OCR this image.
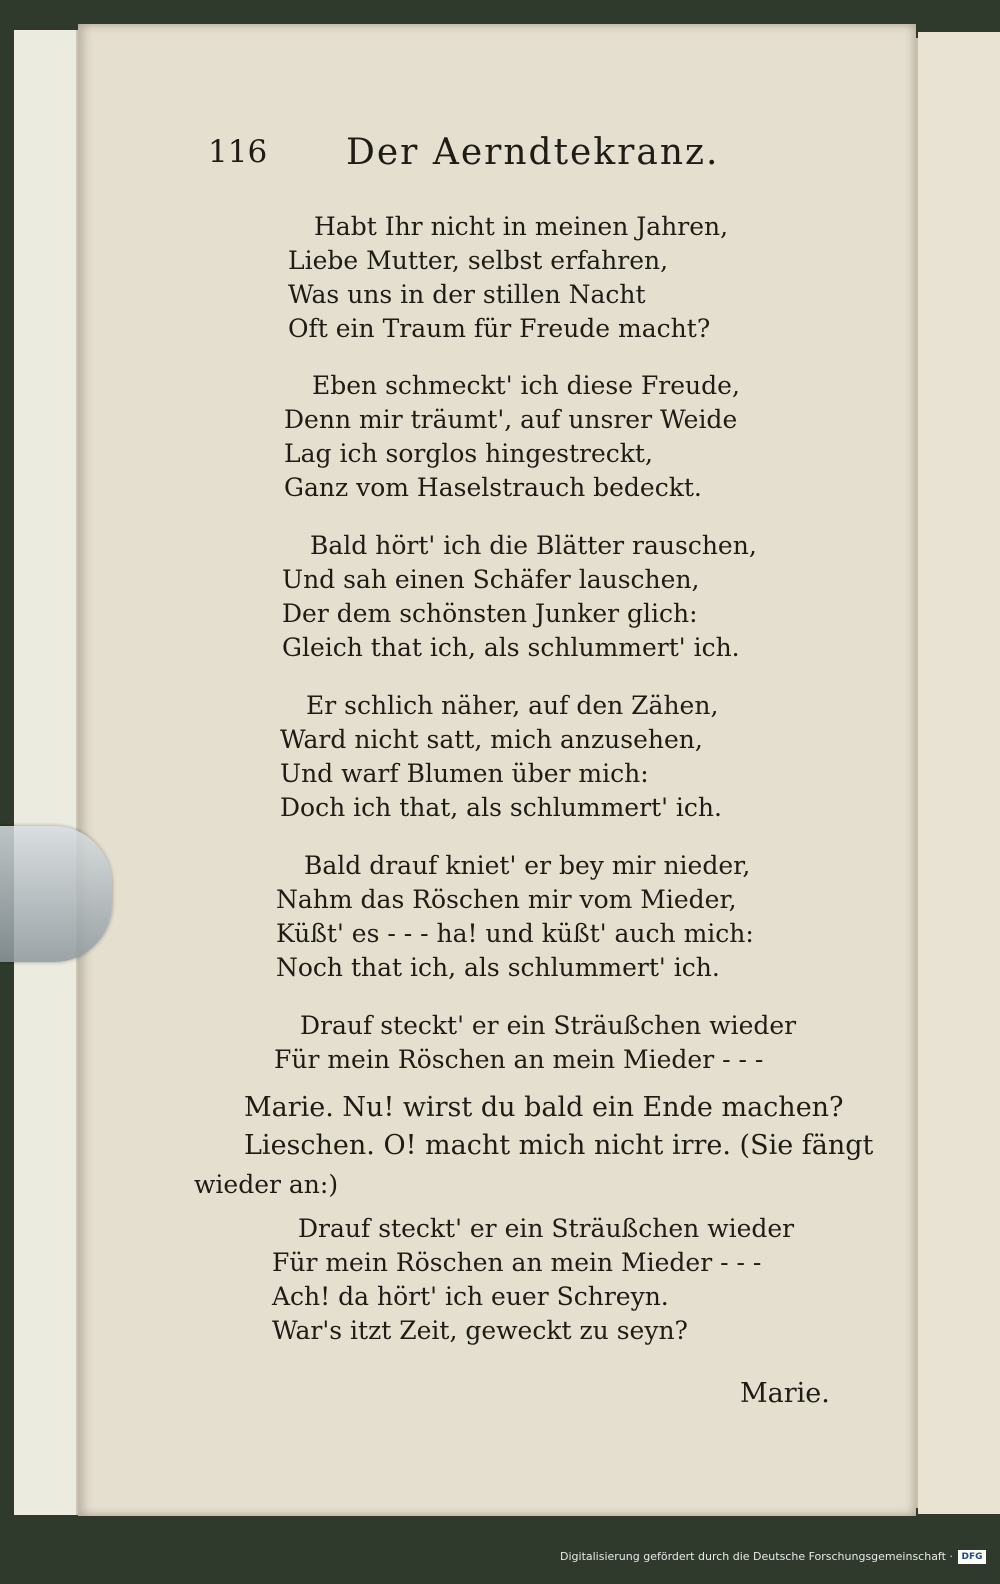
116 Der Aerndtekranz.
Habt Ihr nicht in meinen Jahren,
Liebe Mutter, selbst erfahren,
Was uns in der stillen Nacht
Oft ein Traum für Freude macht?
Eben schmeckt' ich diese Freude,
Denn mir träumt', auf unsrer Weide
Lag ich sorglos hingestreckt,
Ganz vom Haselstrauch bedeckt.
Bald hört' ich die Blätter rauschen,
Und sah einen Schäfer lauschen,
Der dem schönsten Junker glich:
Gleich that ich, als schlummert' ich.
Er schlich näher, auf den Zähen,
Ward nicht satt, mich anzusehen,
Und warf Blumen über mich:
Doch ich that, als schlummert' ich.
Bald drauf kniet' er bey mir nieder,
Nahm das Röschen mir vom Mieder,
Küßt' es - - - ha! und küßt' auch mich:
Noch that ich, als schlummert' ich.
Drauf steckt' er ein Sträußchen wieder
Für mein Röschen an mein Mieder - - -
Marie. Nu! wirst du bald ein Ende machen?
Lieschen. O! macht mich nicht irre. (Sie fängt
wieder an:)
Drauf steckt' er ein Sträußchen wieder
Für mein Röschen an mein Mieder - - -
Ach! da hört' ich euer Schreyn.
War's itzt Zeit, geweckt zu seyn?
Marie.
Digitalisierung gefördert durch die Deutsche Forschungsgemeinschaft · DFG
